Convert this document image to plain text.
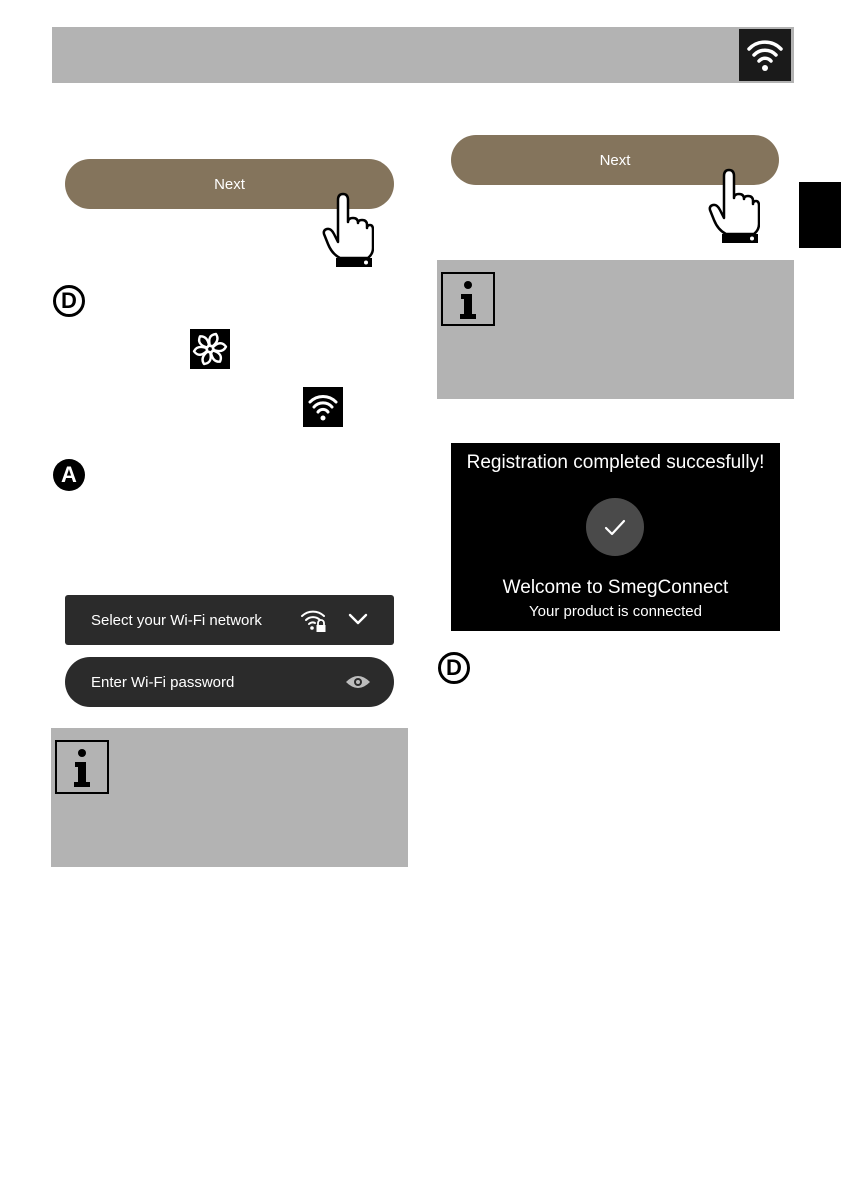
Next
D
A
Select your Wi-Fi network
Enter Wi-Fi password
Next
Registration completed succesfully!
Welcome to SmegConnect
Your product is connected
D
